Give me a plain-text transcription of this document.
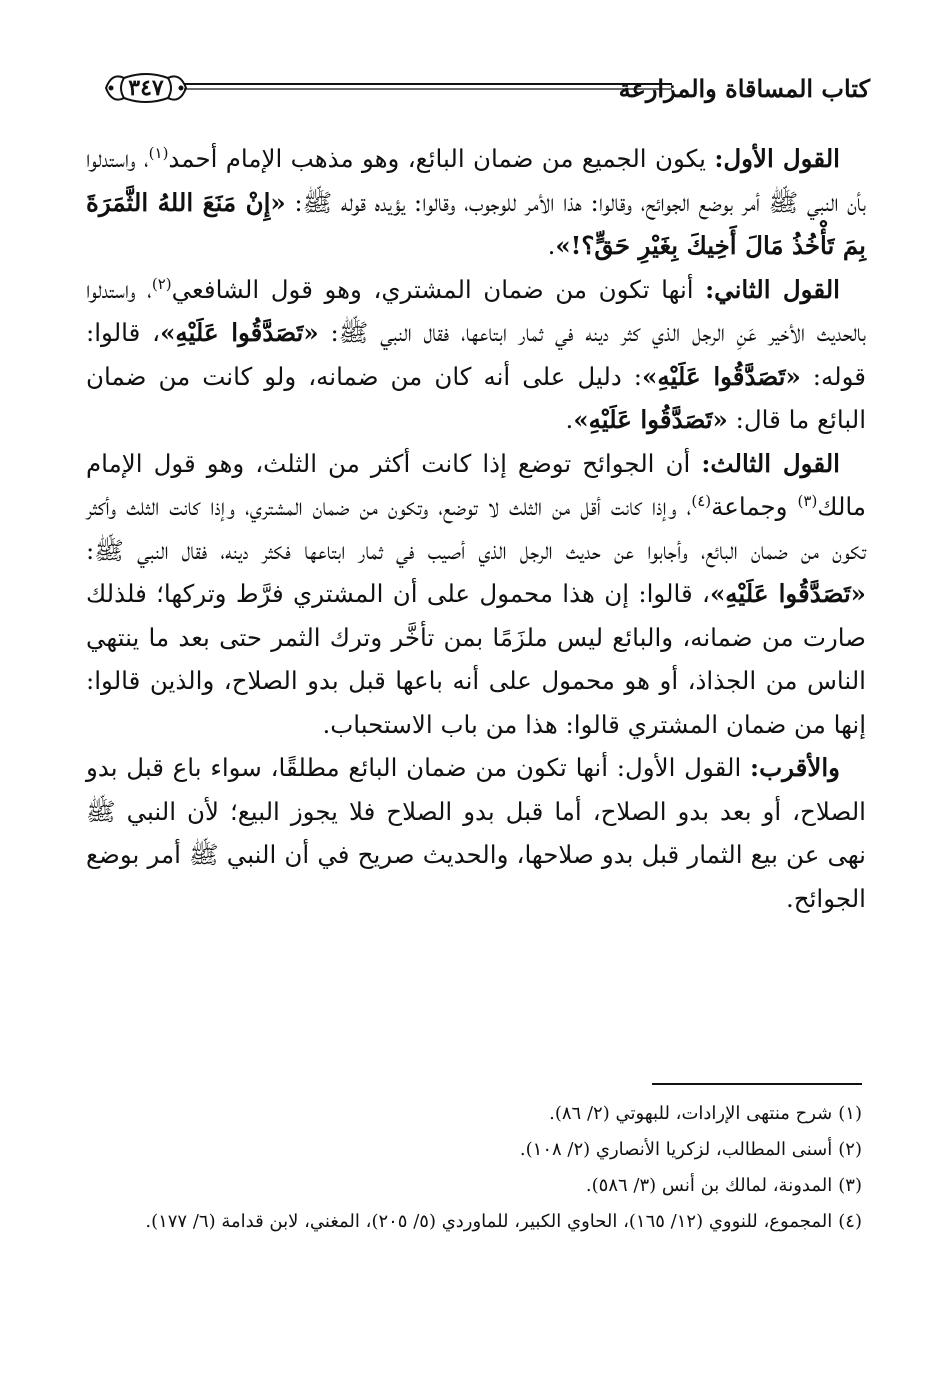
كتاب المساقاة والمزارعة
٣٤٧

القول الأول: يكون الجميع من ضمان البائع، وهو مذهب الإمام أحمد$^{(١)}$، واستدلوا بأن النبي ﷺ أمر بوضع الجوائح، وقالوا: هذا الأمر للوجوب، وقالوا: يؤيده قوله ﷺ: «إِنْ مَنَعَ اللهُ الثَّمَرَةَ بِمَ تَأْخُذُ مَالَ أَخِيكَ بِغَيْرِ حَقٍّ؟!».

القول الثاني: أنها تكون من ضمان المشتري، وهو قول الشافعي$^{(٢)}$، واستدلوا بالحديث الأخير عَنِ الرجل الذي كثر دينه في ثمار ابتاعها، فقال النبي ﷺ: «تَصَدَّقُوا عَلَيْهِ»، قالوا: قوله: «تَصَدَّقُوا عَلَيْهِ»: دليل على أنه كان من ضمانه، ولو كانت من ضمان البائع ما قال: «تَصَدَّقُوا عَلَيْهِ».

القول الثالث: أن الجوائح توضع إذا كانت أكثر من الثلث، وهو قول الإمام مالك$^{(٣)}$ وجماعة$^{(٤)}$، وإذا كانت أقل من الثلث لا توضع، وتكون من ضمان المشتري، وإذا كانت الثلث وأكثر تكون من ضمان البائع، وأجابوا عن حديث الرجل الذي أصيب في ثمار ابتاعها فكثر دينه، فقال النبي ﷺ: «تَصَدَّقُوا عَلَيْهِ»، قالوا: إن هذا محمول على أن المشتري فرَّط وتركها؛ فلذلك صارت من ضمانه، والبائع ليس ملزَمًا بمن تأخَّر وترك الثمر حتى بعد ما ينتهي الناس من الجذاذ، أو هو محمول على أنه باعها قبل بدو الصلاح، والذين قالوا: إنها من ضمان المشتري قالوا: هذا من باب الاستحباب.

والأقرب: القول الأول: أنها تكون من ضمان البائع مطلقًا، سواء باع قبل بدو الصلاح، أو بعد بدو الصلاح، أما قبل بدو الصلاح فلا يجوز البيع؛ لأن النبي ﷺ نهى عن بيع الثمار قبل بدو صلاحها، والحديث صريح في أن النبي ﷺ أمر بوضع الجوائح.

(١)شرح منتهى الإرادات، للبهوتي (٢/ ٨٦).

(٢)أسنى المطالب، لزكريا الأنصاري (٢/ ١٠٨).

(٣)المدونة، لمالك بن أنس (٣/ ٥٨٦).

(٤)المجموع، للنووي (١٢/ ١٦٥)، الحاوي الكبير، للماوردي (٥/ ٢٠٥)، المغني، لابن قدامة (٦/ ١٧٧).
